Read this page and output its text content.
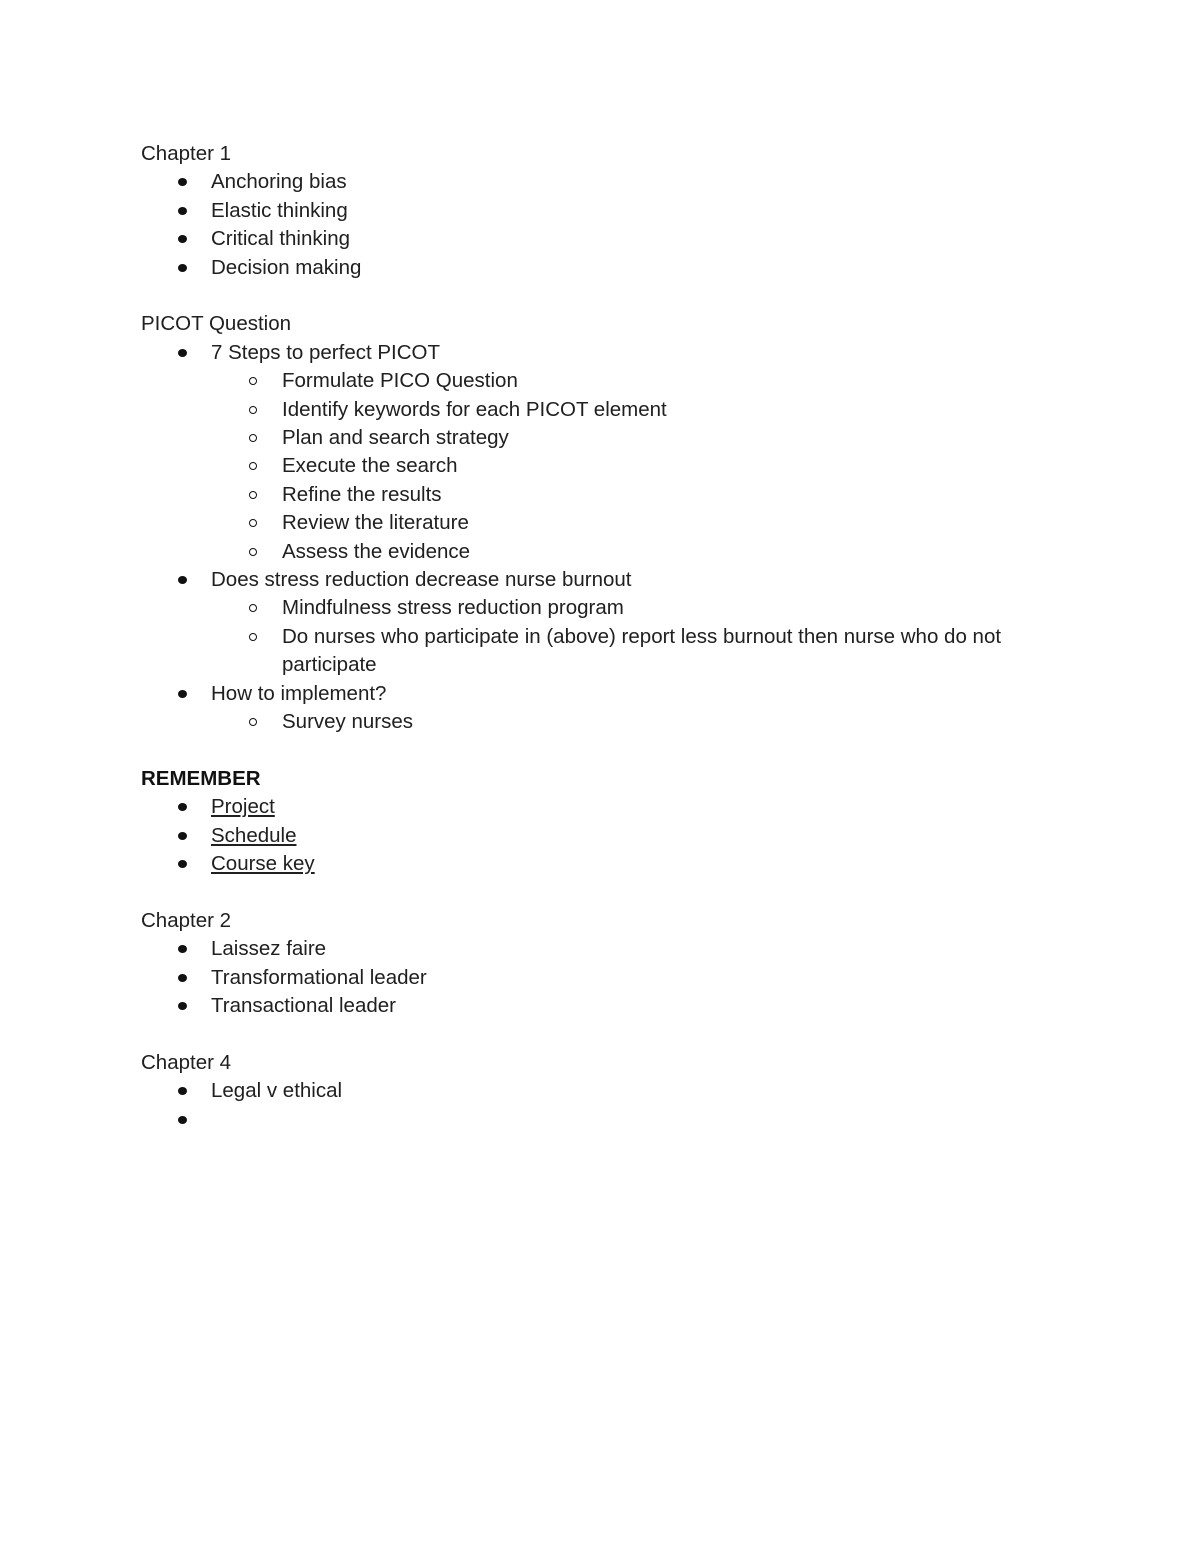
Chapter 1

Anchoring bias
Elastic thinking
Critical thinking
Decision making

PICOT Question

7 Steps to perfect PICOT
Formulate PICO Question
Identify keywords for each PICOT element
Plan and search strategy
Execute the search
Refine the results
Review the literature
Assess the evidence
Does stress reduction decrease nurse burnout
Mindfulness stress reduction program
Do nurses who participate in (above) report less burnout then nurse who do not participate
How to implement?
Survey nurses

REMEMBER

Project
Schedule
Course key

Chapter 2

Laissez faire
Transformational leader
Transactional leader

Chapter 4

Legal v ethical
